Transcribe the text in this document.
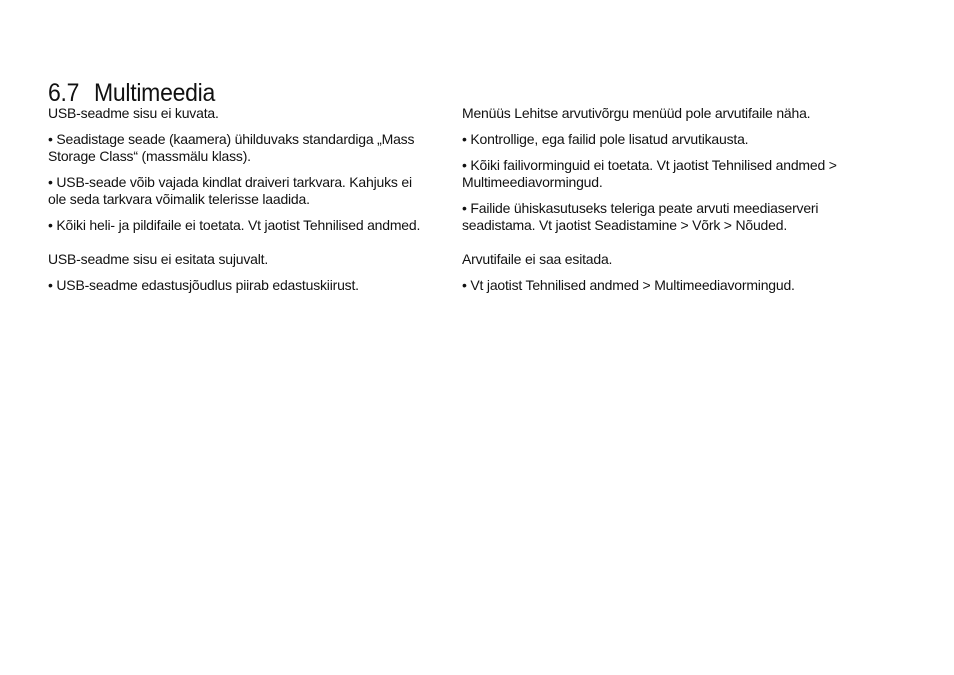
6.7 Multimeedia

USB-seadme sisu ei kuvata.

• Seadistage seade (kaamera) ühilduvaks standardiga „Mass Storage Class“ (massmälu klass).

• USB-seade võib vajada kindlat draiveri tarkvara. Kahjuks ei ole seda tarkvara võimalik telerisse laadida.

• Kõiki heli- ja pildifaile ei toetata. Vt jaotist Tehnilised andmed.

USB-seadme sisu ei esitata sujuvalt.

• USB-seadme edastusjõudlus piirab edastuskiirust.

Menüüs Lehitse arvutivõrgu menüüd pole arvutifaile näha.

• Kontrollige, ega failid pole lisatud arvutikausta.

• Kõiki failivorminguid ei toetata. Vt jaotist Tehnilised andmed > Multimeediavormingud.

• Failide ühiskasutuseks teleriga peate arvuti meediaserveri seadistama. Vt jaotist Seadistamine > Võrk > Nõuded.

Arvutifaile ei saa esitada.

• Vt jaotist Tehnilised andmed > Multimeediavormingud.
